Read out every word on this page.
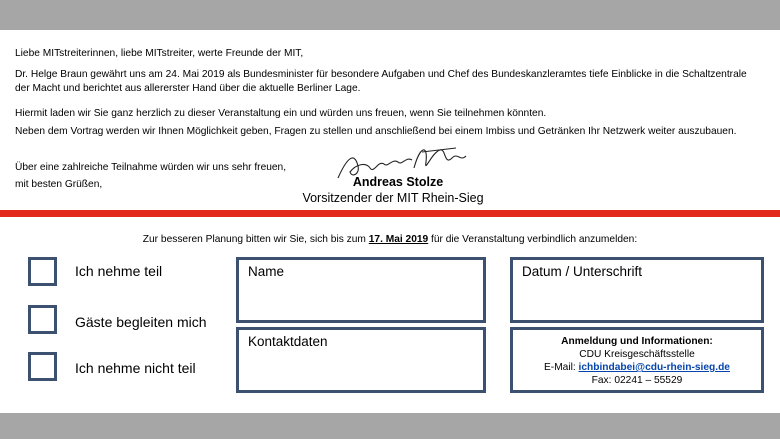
Liebe MITstreiterinnen, liebe MITstreiter, werte Freunde der MIT,

Dr. Helge Braun gewährt uns am 24. Mai 2019 als Bundesminister für besondere Aufgaben und Chef des Bundeskanzleramtes tiefe Einblicke in die Schaltzentrale der Macht und berichtet aus allererster Hand über die aktuelle Berliner Lage.

Hiermit laden wir Sie ganz herzlich zu dieser Veranstaltung ein und würden uns freuen, wenn Sie teilnehmen könnten.

Neben dem Vortrag werden wir Ihnen Möglichkeit geben, Fragen zu stellen und anschließend bei einem Imbiss und Getränken Ihr Netzwerk weiter auszubauen.

Über eine zahlreiche Teilnahme würden wir uns sehr freuen,

mit besten Grüßen,	Andreas Stolze
Vorsitzender der MIT Rhein-Sieg
Zur besseren Planung bitten wir Sie, sich bis zum 17. Mai 2019 für die Veranstaltung verbindlich anzumelden:
Ich nehme teil
Gäste begleiten mich
Ich nehme nicht teil
Name	Datum / Unterschrift
Kontaktdaten	Anmeldung und Informationen:
CDU Kreisgeschäftsstelle
E-Mail: ichbindabei@cdu-rhein-sieg.de
Fax: 02241 – 55529
